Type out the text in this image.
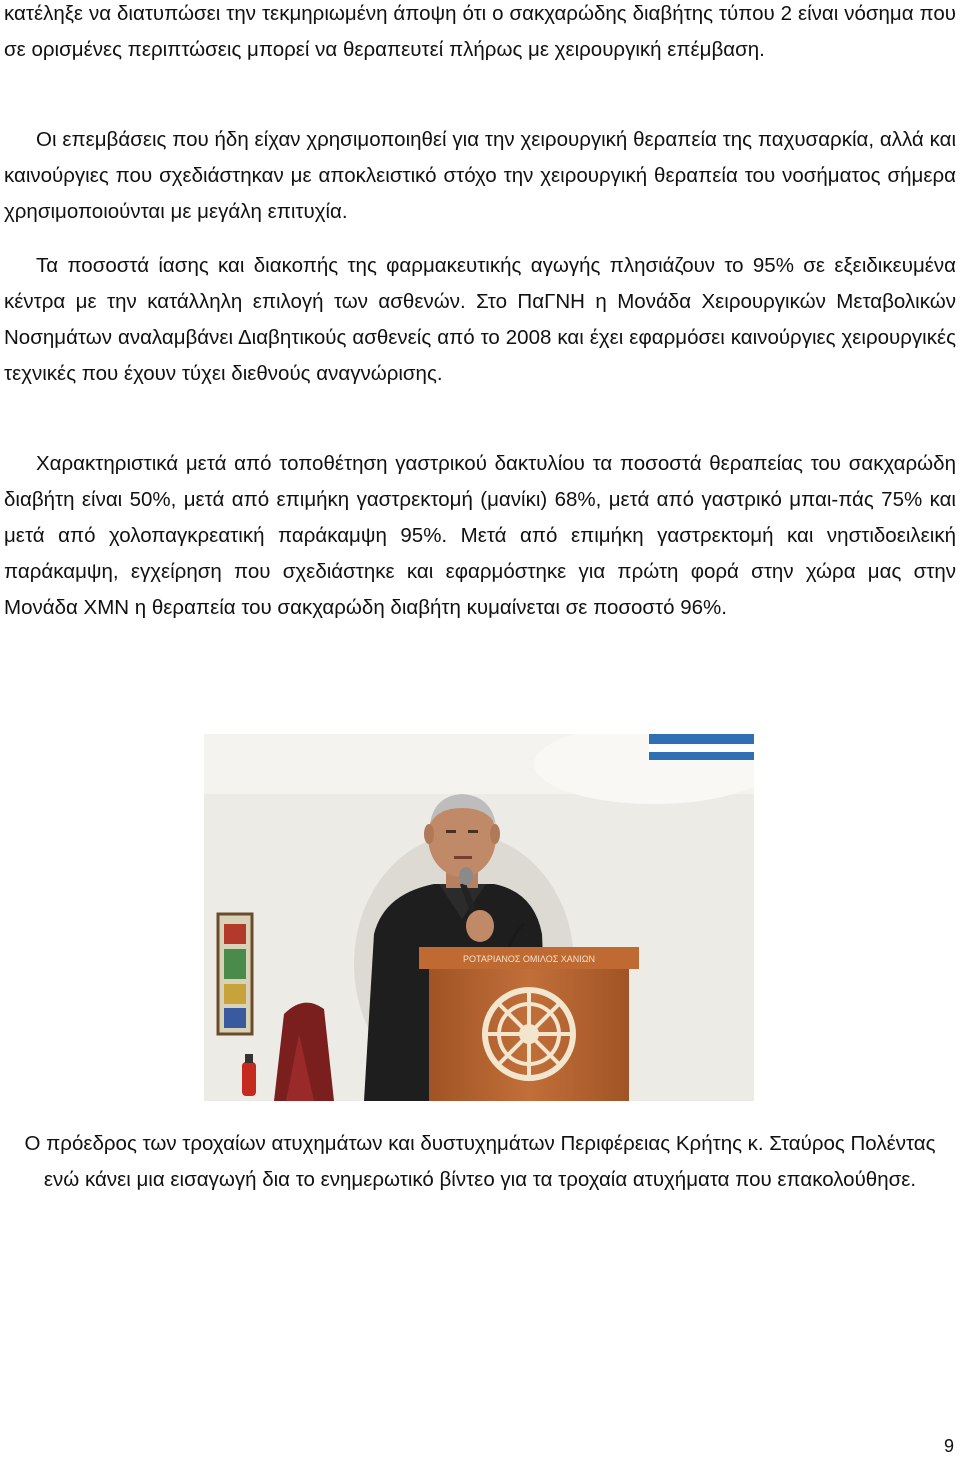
κατέληξε να διατυπώσει την τεκμηριωμένη άποψη ότι ο σακχαρώδης διαβήτης τύπου 2 είναι νόσημα που σε ορισμένες περιπτώσεις μπορεί να θεραπευτεί πλήρως με χειρουργική επέμβαση.

Οι επεμβάσεις που ήδη είχαν χρησιμοποιηθεί για την χειρουργική θεραπεία της παχυσαρκία, αλλά και καινούργιες που σχεδιάστηκαν με αποκλειστικό στόχο την χειρουργική θεραπεία του νοσήματος σήμερα χρησιμοποιούνται με μεγάλη επιτυχία.

Τα ποσοστά ίασης και διακοπής της φαρμακευτικής αγωγής πλησιάζουν το 95% σε εξειδικευμένα κέντρα με την κατάλληλη επιλογή των ασθενών. Στο ΠαΓΝΗ η Μονάδα Χειρουργικών Μεταβολικών Νοσημάτων αναλαμβάνει Διαβητικούς ασθενείς από το 2008 και έχει εφαρμόσει καινούργιες χειρουργικές τεχνικές που έχουν τύχει διεθνούς αναγνώρισης.

Χαρακτηριστικά μετά από τοποθέτηση γαστρικού δακτυλίου τα ποσοστά θεραπείας του σακχαρώδη διαβήτη είναι 50%, μετά από επιμήκη γαστρεκτομή (μανίκι) 68%, μετά από γαστρικό μπαι-πάς 75% και μετά από χολοπαγκρεατική παράκαμψη 95%. Μετά από επιμήκη γαστρεκτομή και νηστιδοειλεική παράκαμψη, εγχείρηση που σχεδιάστηκε και εφαρμόστηκε για πρώτη φορά στην χώρα μας στην Μονάδα ΧΜΝ η θεραπεία του σακχαρώδη διαβήτη κυμαίνεται σε ποσοστό 96%.

ΡΟΤΑΡΙΑΝΟΣ ΟΜΙΛΟΣ ΧΑΝΙΩΝ

Ο πρόεδρος των τροχαίων ατυχημάτων και δυστυχημάτων Περιφέρειας Κρήτης κ. Σταύρος Πολέντας ενώ κάνει μια εισαγωγή δια το ενημερωτικό βίντεο για τα τροχαία ατυχήματα που επακολούθησε.

9
